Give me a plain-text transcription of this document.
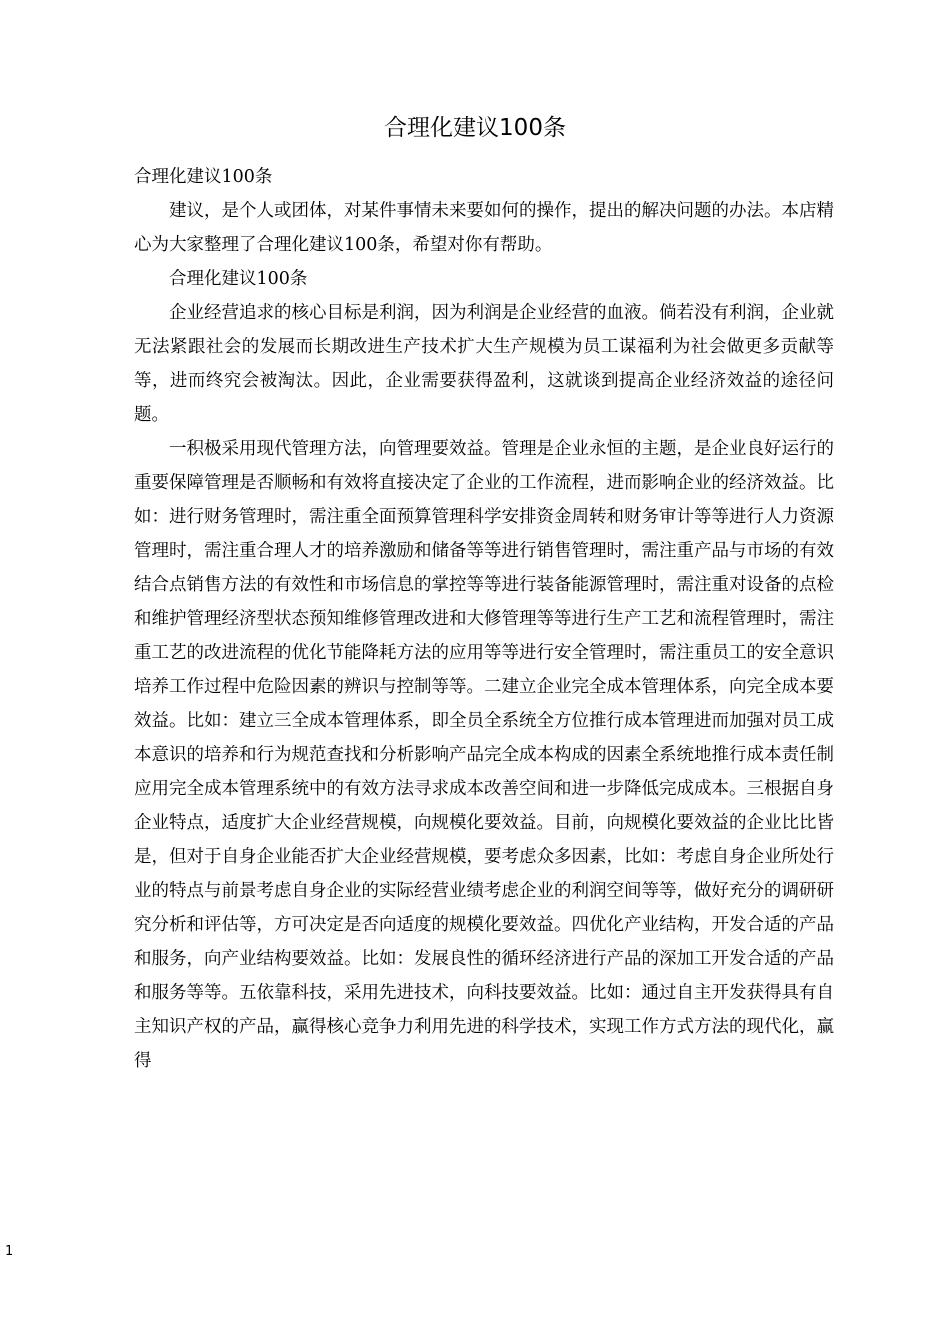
合理化建议100条

合理化建议100条

建议，是个人或团体，对某件事情未来要如何的操作，提出的解决问题的办法。本店精心为大家整理了合理化建议100条，希望对你有帮助。

合理化建议100条

企业经营追求的核心目标是利润，因为利润是企业经营的血液。倘若没有利润，企业就无法紧跟社会的发展而长期改进生产技术扩大生产规模为员工谋福利为社会做更多贡献等等，进而终究会被淘汰。因此，企业需要获得盈利，这就谈到提高企业经济效益的途径问题。

一积极采用现代管理方法，向管理要效益。管理是企业永恒的主题，是企业良好运行的重要保障管理是否顺畅和有效将直接决定了企业的工作流程，进而影响企业的经济效益。比如：进行财务管理时，需注重全面预算管理科学安排资金周转和财务审计等等进行人力资源管理时，需注重合理人才的培养激励和储备等等进行销售管理时，需注重产品与市场的有效结合点销售方法的有效性和市场信息的掌控等等进行装备能源管理时，需注重对设备的点检和维护管理经济型状态预知维修管理改进和大修管理等等进行生产工艺和流程管理时，需注重工艺的改进流程的优化节能降耗方法的应用等等进行安全管理时，需注重员工的安全意识培养工作过程中危险因素的辨识与控制等等。二建立企业完全成本管理体系，向完全成本要效益。比如：建立三全成本管理体系，即全员全系统全方位推行成本管理进而加强对员工成本意识的培养和行为规范查找和分析影响产品完全成本构成的因素全系统地推行成本责任制应用完全成本管理系统中的有效方法寻求成本改善空间和进一步降低完成成本。三根据自身企业特点，适度扩大企业经营规模，向规模化要效益。目前，向规模化要效益的企业比比皆是，但对于自身企业能否扩大企业经营规模，要考虑众多因素，比如：考虑自身企业所处行业的特点与前景考虑自身企业的实际经营业绩考虑企业的利润空间等等，做好充分的调研研究分析和评估等，方可决定是否向适度的规模化要效益。四优化产业结构，开发合适的产品和服务，向产业结构要效益。比如：发展良性的循环经济进行产品的深加工开发合适的产品和服务等等。五依靠科技，采用先进技术，向科技要效益。比如：通过自主开发获得具有自主知识产权的产品，赢得核心竞争力利用先进的科学技术，实现工作方式方法的现代化，赢得

1
